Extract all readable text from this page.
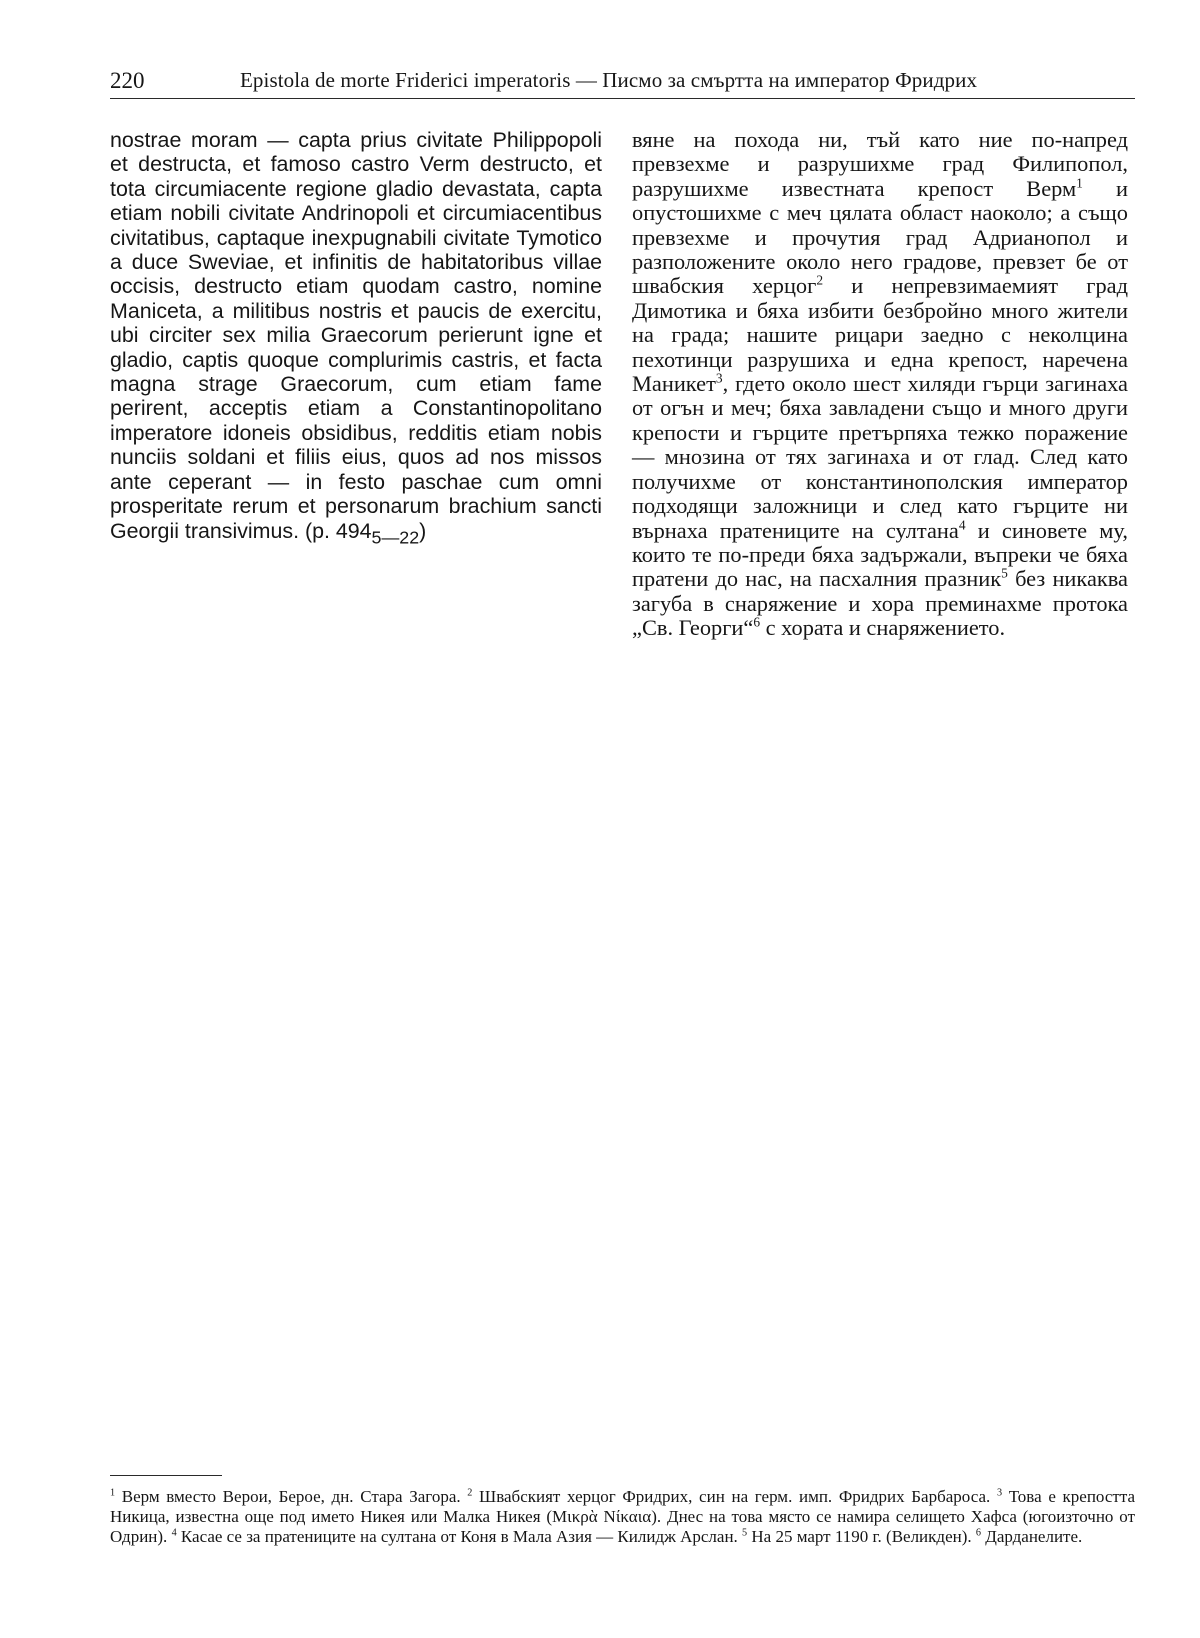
220	Epistola de morte Friderici imperatoris — Писмо за смъртта на император Фридрих

nostrae moram — capta prius civitate Philippopoli et destructa, et famoso castro Verm destructo, et tota circumiacente regione gladio devastata, capta etiam nobili civitate Andrinopoli et circumiacentibus civitatibus, captaque inexpugnabili civitate Tymotico a duce Sweviae, et infinitis de habitatoribus villae occisis, destructo etiam quodam castro, nomine Maniceta, a militibus nostris et paucis de exercitu, ubi circiter sex milia Graecorum perierunt igne et gladio, captis quoque complurimis castris, et facta magna strage Graecorum, cum etiam fame perirent, acceptis etiam a Constantinopolitano imperatore idoneis obsidibus, redditis etiam nobis nunciis soldani et filiis eius, quos ad nos missos ante ceperant — in festo paschae cum omni prosperitate rerum et personarum brachium sancti Georgii transivimus. (p. $494_{5—22}$)

вяне на похода ни, тъй като ние по-напред превзехме и разрушихме град Филипопол, разрушихме известната крепост Верм$^1$ и опустошихме с меч цялата област наоколо; а също превзехме и прочутия град Адрианопол и разположените около него градове, превзет бе от швабския херцог$^2$ и непревзимаемият град Димотика и бяха избити безбройно много жители на града; нашите рицари заедно с неколцина пехотинци разрушиха и една крепост, наречена Маникет$^3$, гдето около шест хиляди гърци загинаха от огън и меч; бяха завладени също и много други крепости и гърците претърпяха тежко поражение — мнозина от тях загинаха и от глад. След като получихме от константинополския император подходящи заложници и след като гърците ни върнаха пратениците на султана$^4$ и синовете му, които те по-преди бяха задържали, въпреки че бяха пратени до нас, на пасхалния празник$^5$ без никаква загуба в снаряжение и хора преминахме протока „Св. Георги“$^6$ с хората и снаряжението.

$^1$ Верм вместо Верои, Берое, дн. Стара Загора. $^2$ Швабският херцог Фридрих, син на герм. имп. Фридрих Барбароса. $^3$ Това е крепостта Никица, известна още под името Никея или Малка Никея (Μικρὰ Νίκαια). Днес на това място се намира селището Хафса (югоизточно от Одрин). $^4$ Касае се за пратениците на султана от Коня в Мала Азия — Килидж Арслан. $^5$ На 25 март 1190 г. (Великден). $^6$ Дарданелите.
